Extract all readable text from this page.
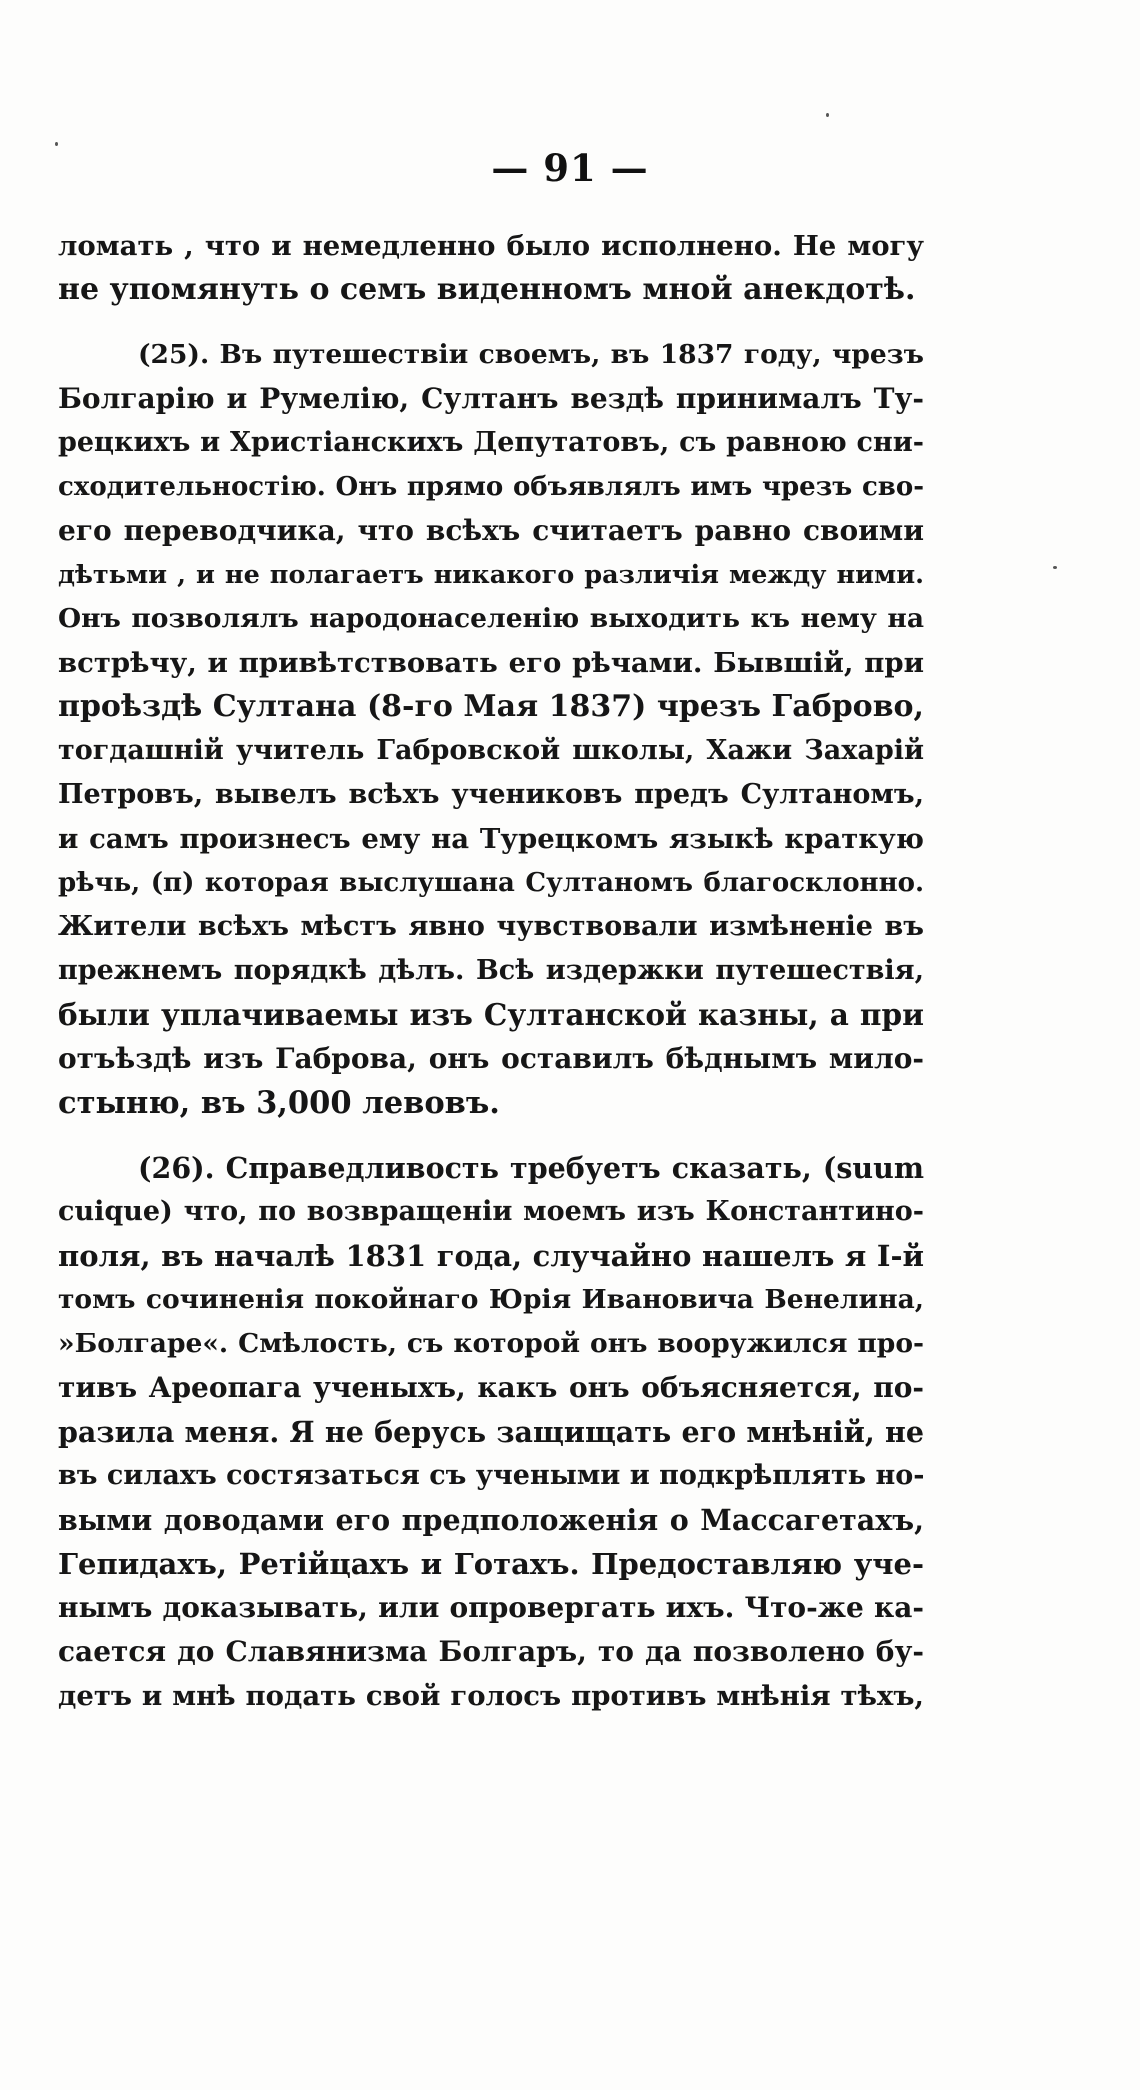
— 91 —
ломать , что и немедленно было исполнено. Не могу
не упомянуть о семъ виденномъ мной анекдотѣ.
(25). Въ путешествіи своемъ, въ 1837 году, чрезъ
Болгарію и Румелію, Султанъ вездѣ принималъ Ту-
рецкихъ и Христіанскихъ Депутатовъ, съ равною сни-
сходительностію. Онъ прямо объявлялъ имъ чрезъ сво-
его переводчика, что всѣхъ считаетъ равно своими
дѣтьми , и не полагаетъ никакого различія между ними.
Онъ позволялъ народонаселенію выходить къ нему на
встрѣчу, и привѣтствовать его рѣчами. Бывшій, при
проѣздѣ Султана (8-го Мая 1837) чрезъ Габрово,
тогдашній учитель Габровской школы, Хажи Захарій
Петровъ, вывелъ всѣхъ учениковъ предъ Султаномъ,
и самъ произнесъ ему на Турецкомъ языкѣ краткую
рѣчь, (п) которая выслушана Султаномъ благосклонно.
Жители всѣхъ мѣстъ явно чувствовали измѣненіе въ
прежнемъ порядкѣ дѣлъ. Всѣ издержки путешествія,
были уплачиваемы изъ Султанской казны, а при
отъѣздѣ изъ Габрова, онъ оставилъ бѣднымъ мило-
стыню, въ 3,000 левовъ.
(26). Справедливость требуетъ сказать, (suum
cuique) что, по возвращеніи моемъ изъ Константино-
поля, въ началѣ 1831 года, случайно нашелъ я I-й
томъ сочиненія покойнаго Юрія Ивановича Венелина,
»Болгаре«. Смѣлость, съ которой онъ вооружился про-
тивъ Ареопага ученыхъ, какъ онъ объясняется, по-
разила меня. Я не берусь защищать его мнѣній, не
въ силахъ состязаться съ учеными и подкрѣплять но-
выми доводами его предположенія о Массагетахъ,
Гепидахъ, Ретійцахъ и Готахъ. Предоставляю уче-
нымъ доказывать, или опровергать ихъ. Что-же ка-
сается до Славянизма Болгаръ, то да позволено бу-
детъ и мнѣ подать свой голосъ противъ мнѣнія тѣхъ,
